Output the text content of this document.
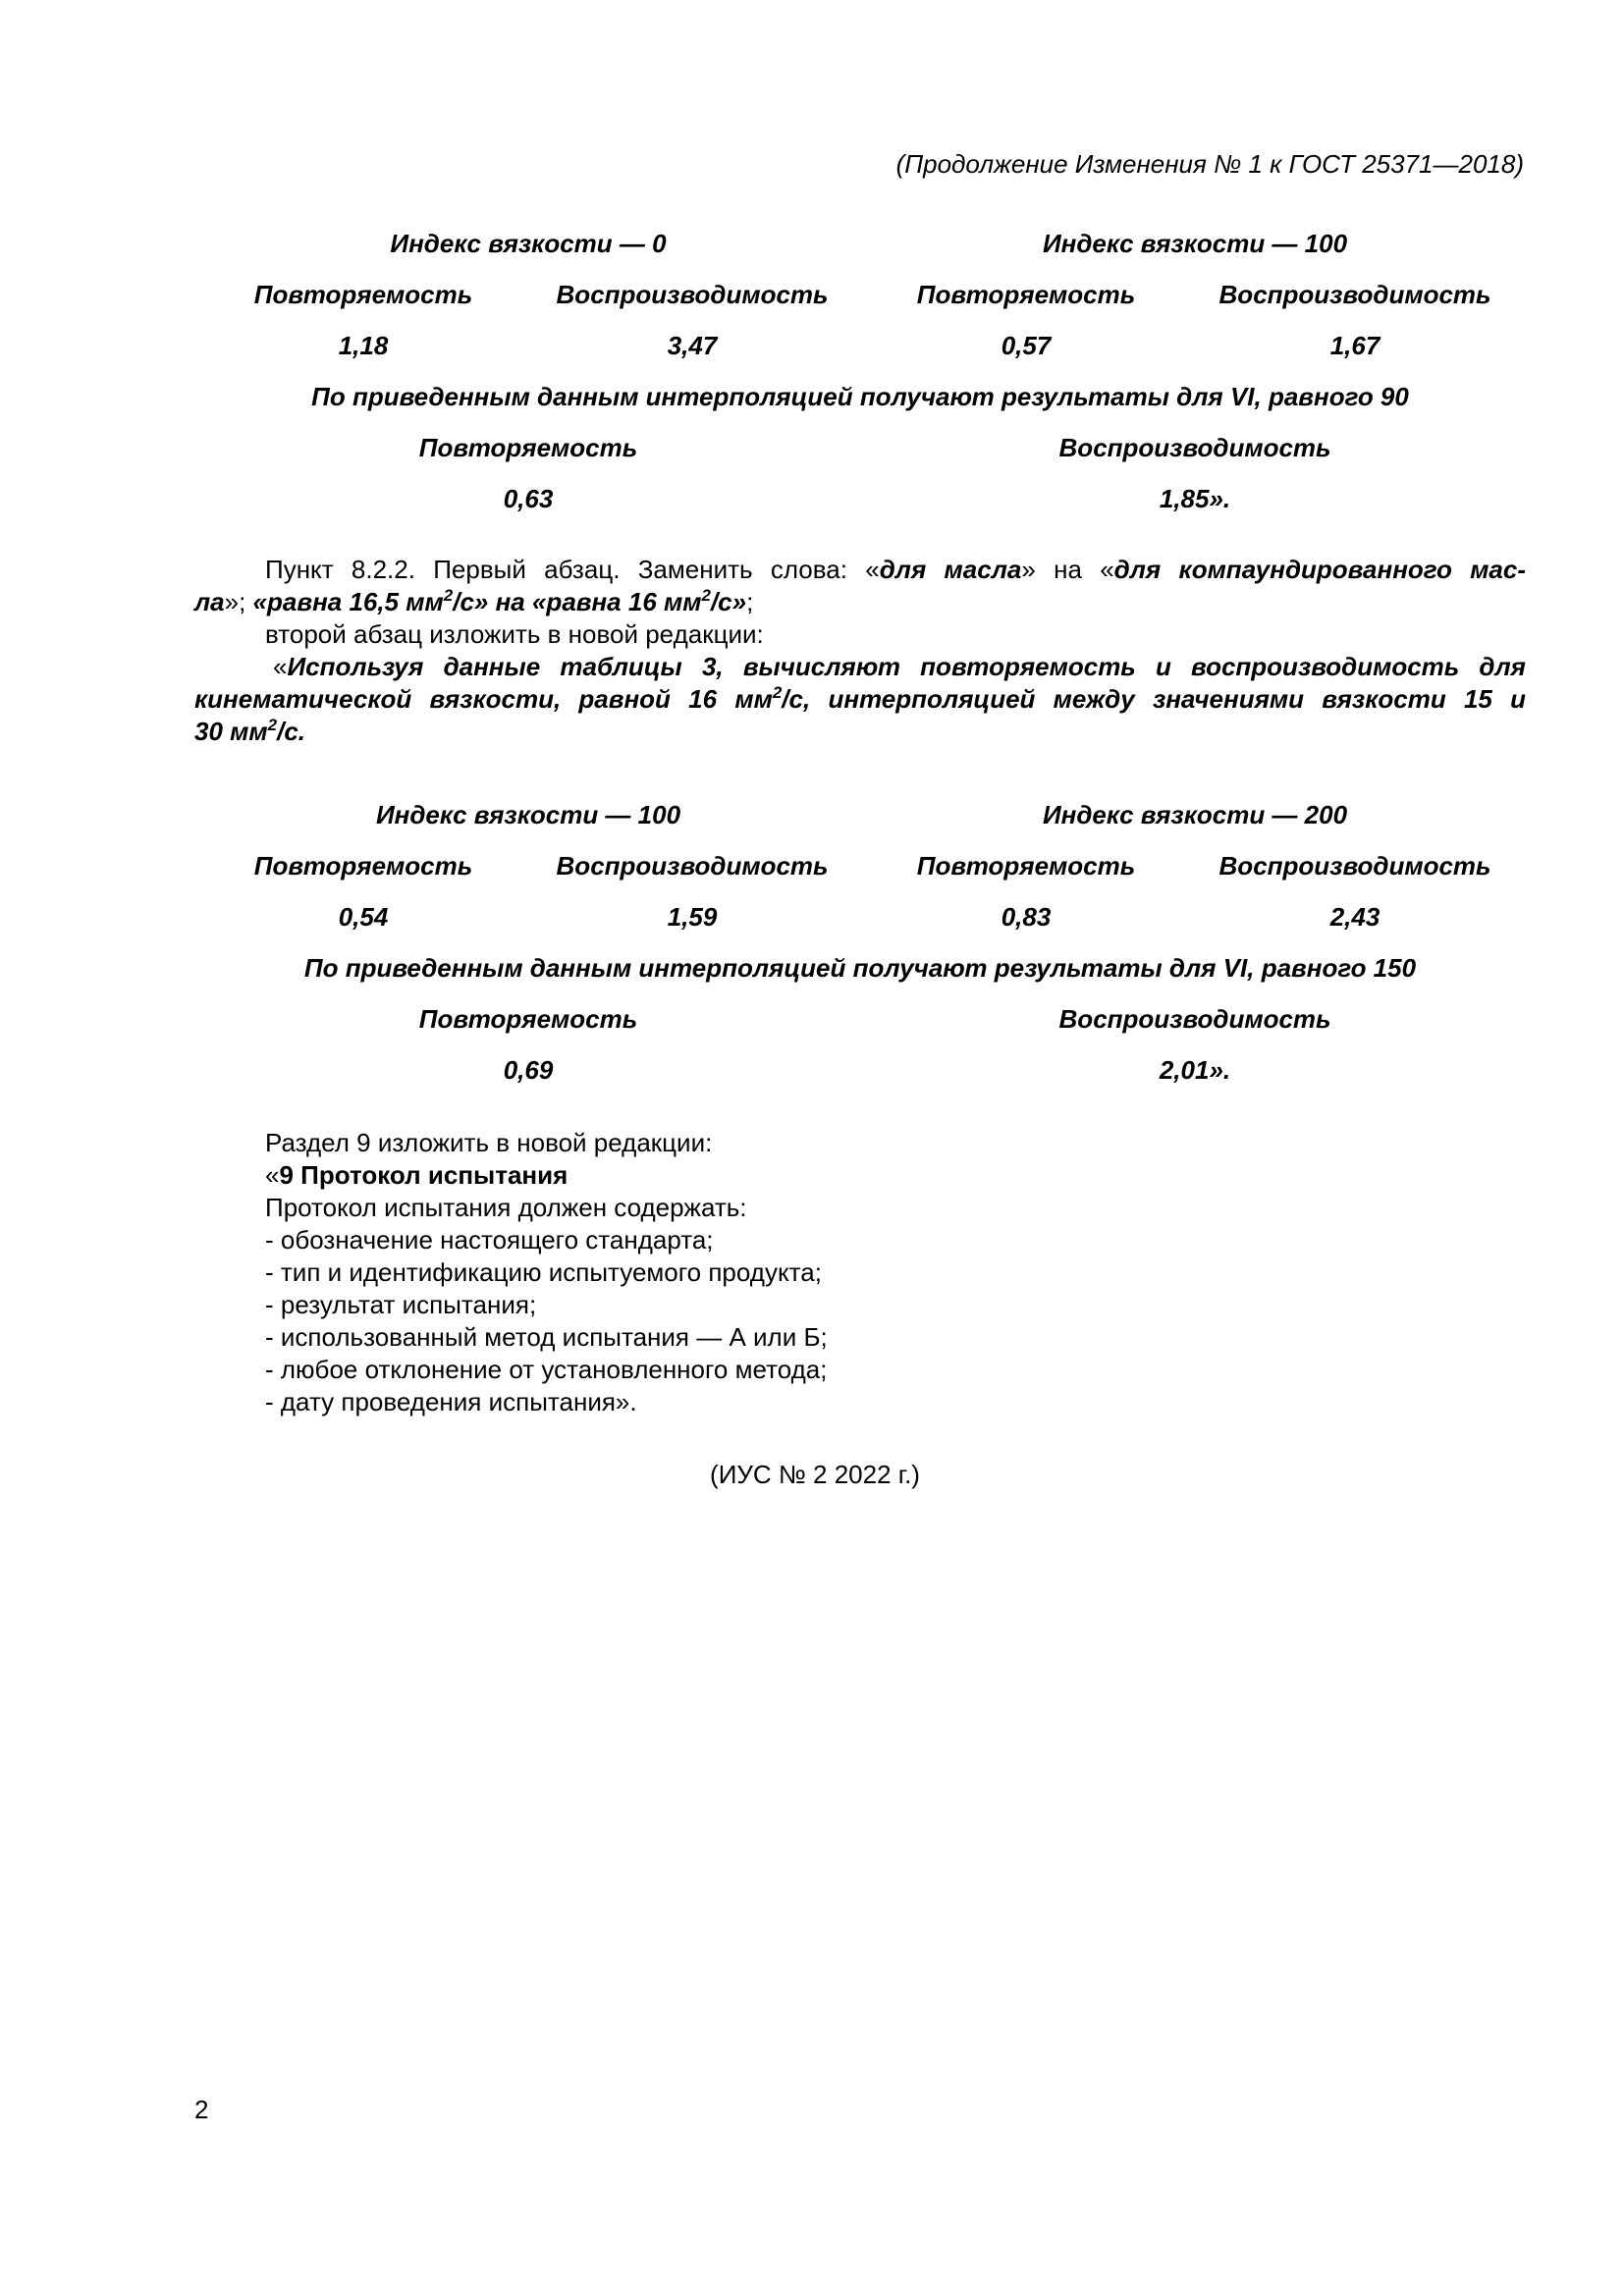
(Продолжение Изменения № 1 к ГОСТ 25371—2018)
Индекс вязкости — 0	Индекс вязкости — 100
Повторяемость	Воспроизводимость	Повторяемость	Воспроизводимость
1,18	3,47	0,57	1,67
По приведенным данным интерполяцией получают результаты для VI, равного 90
Повторяемость	Воспроизводимость
0,63	1,85».
Пункт 8.2.2. Первый абзац. Заменить слова: «для масла» на «для компаундированного мас-
ла»; «равна 16,5 $мм^2/с$» на «равна 16 $мм^2/с$»;
второй абзац изложить в новой редакции:
«Используя данные таблицы 3, вычисляют повторяемость и воспроизводимость для
кинематической вязкости, равной 16 $мм^2/с$, интерполяцией между значениями вязкости 15 и
30 $мм^2/с$.
Индекс вязкости — 100	Индекс вязкости — 200
Повторяемость	Воспроизводимость	Повторяемость	Воспроизводимость
0,54	1,59	0,83	2,43
По приведенным данным интерполяцией получают результаты для VI, равного 150
Повторяемость	Воспроизводимость
0,69	2,01».
Раздел 9 изложить в новой редакции:
«9 Протокол испытания
Протокол испытания должен содержать:
- обозначение настоящего стандарта;
- тип и идентификацию испытуемого продукта;
- результат испытания;
- использованный метод испытания — А или Б;
- любое отклонение от установленного метода;
- дату проведения испытания».
(ИУС № 2 2022 г.)
2
